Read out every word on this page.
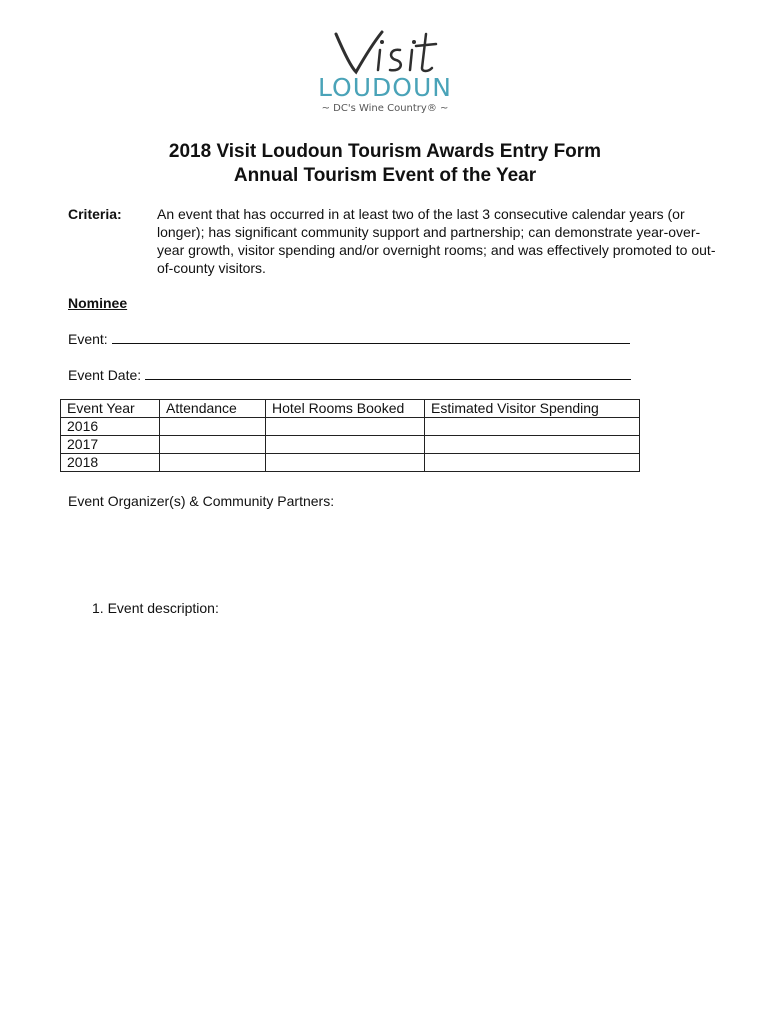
LOUDOUN
~ DC's Wine Country® ~
2018 Visit Loudoun Tourism Awards Entry Form
Annual Tourism Event of the Year
Criteria:	An event that has occurred in at least two of the last 3 consecutive calendar years (or longer); has significant community support and partnership; can demonstrate year-over-year growth, visitor spending and/or overnight rooms; and was effectively promoted to out-of-county visitors.
Nominee
Event:
Event Date:
Event Year	Attendance	Hotel Rooms Booked	Estimated Visitor Spending
2016			
2017			
2018			
Event Organizer(s) & Community Partners:
1. Event description:
